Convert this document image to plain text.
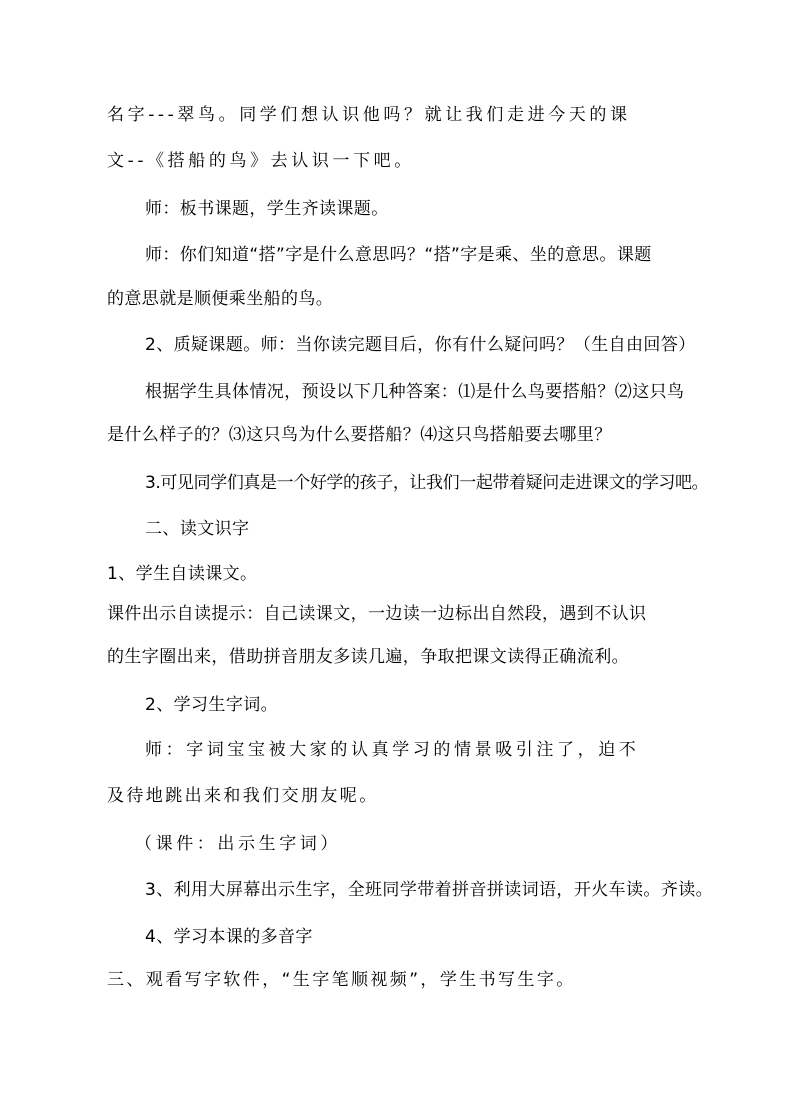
名字---翠鸟。同学们想认识他吗？就让我们走进今天的课
文--《搭船的鸟》去认识一下吧。
师：板书课题，学生齐读课题。
师：你们知道“搭”字是什么意思吗？“搭”字是乘、坐的意思。课题
的意思就是顺便乘坐船的鸟。
2、质疑课题。师：当你读完题目后，你有什么疑问吗？（生自由回答）
根据学生具体情况，预设以下几种答案：⑴是什么鸟要搭船？⑵这只鸟
是什么样子的？⑶这只鸟为什么要搭船？⑷这只鸟搭船要去哪里？
3.可见同学们真是一个好学的孩子，让我们一起带着疑问走进课文的学习吧。
二、读文识字
1、学生自读课文。
课件出示自读提示：自己读课文，一边读一边标出自然段，遇到不认识
的生字圈出来，借助拼音朋友多读几遍，争取把课文读得正确流利。
2、学习生字词。
师：字词宝宝被大家的认真学习的情景吸引注了，迫不
及待地跳出来和我们交朋友呢。
（课件：出示生字词）
3、利用大屏幕出示生字，全班同学带着拼音拼读词语，开火车读。齐读。
4、学习本课的多音字
三、观看写字软件，“生字笔顺视频”，学生书写生字。
